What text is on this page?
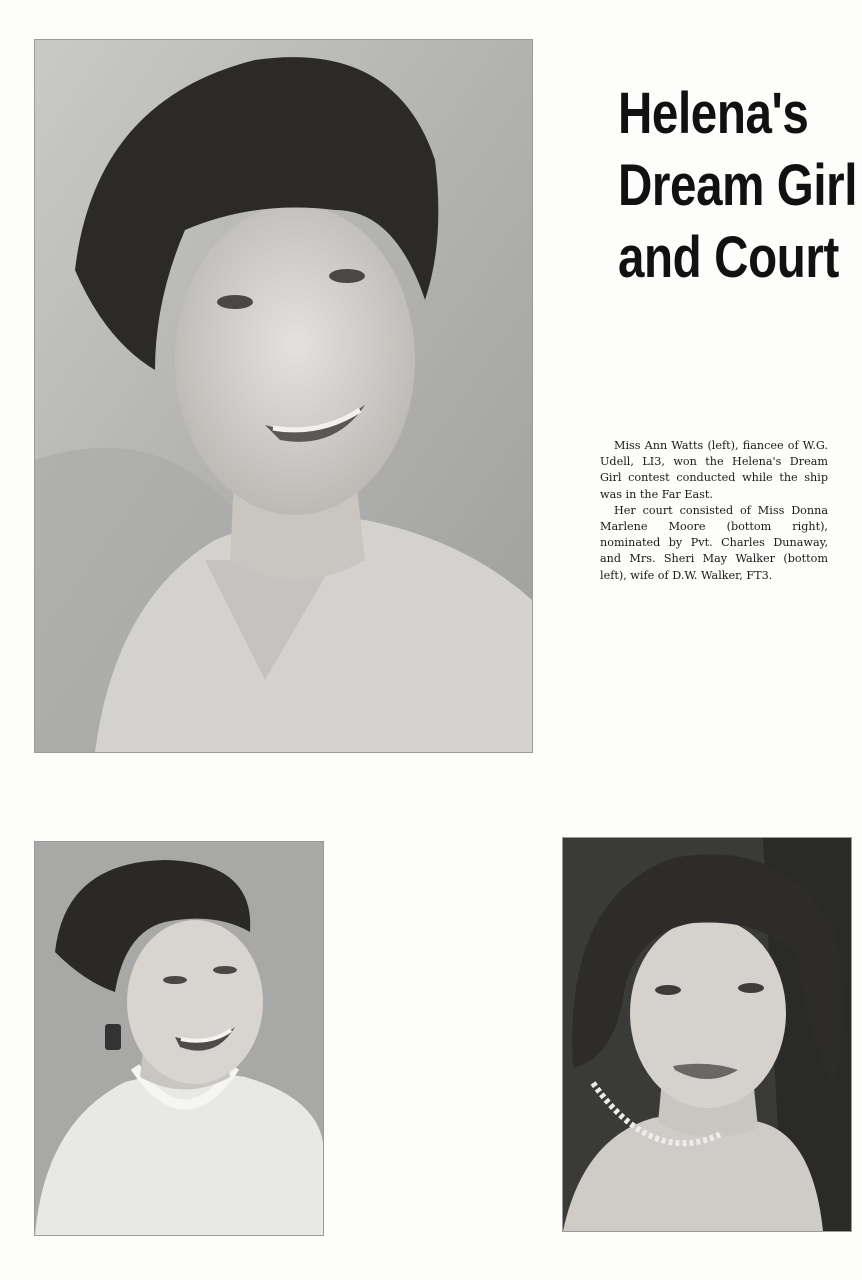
Helena's
Dream Girl
and Court

Miss Ann Watts (left), fiancee of W.G. Udell, LI3, won the Helena's Dream Girl contest conducted while the ship was in the Far East.

Her court consisted of Miss Donna Marlene Moore (bottom right), nominated by Pvt. Charles Dunaway, and Mrs. Sheri May Walker (bottom left), wife of D.W. Walker, FT3.
